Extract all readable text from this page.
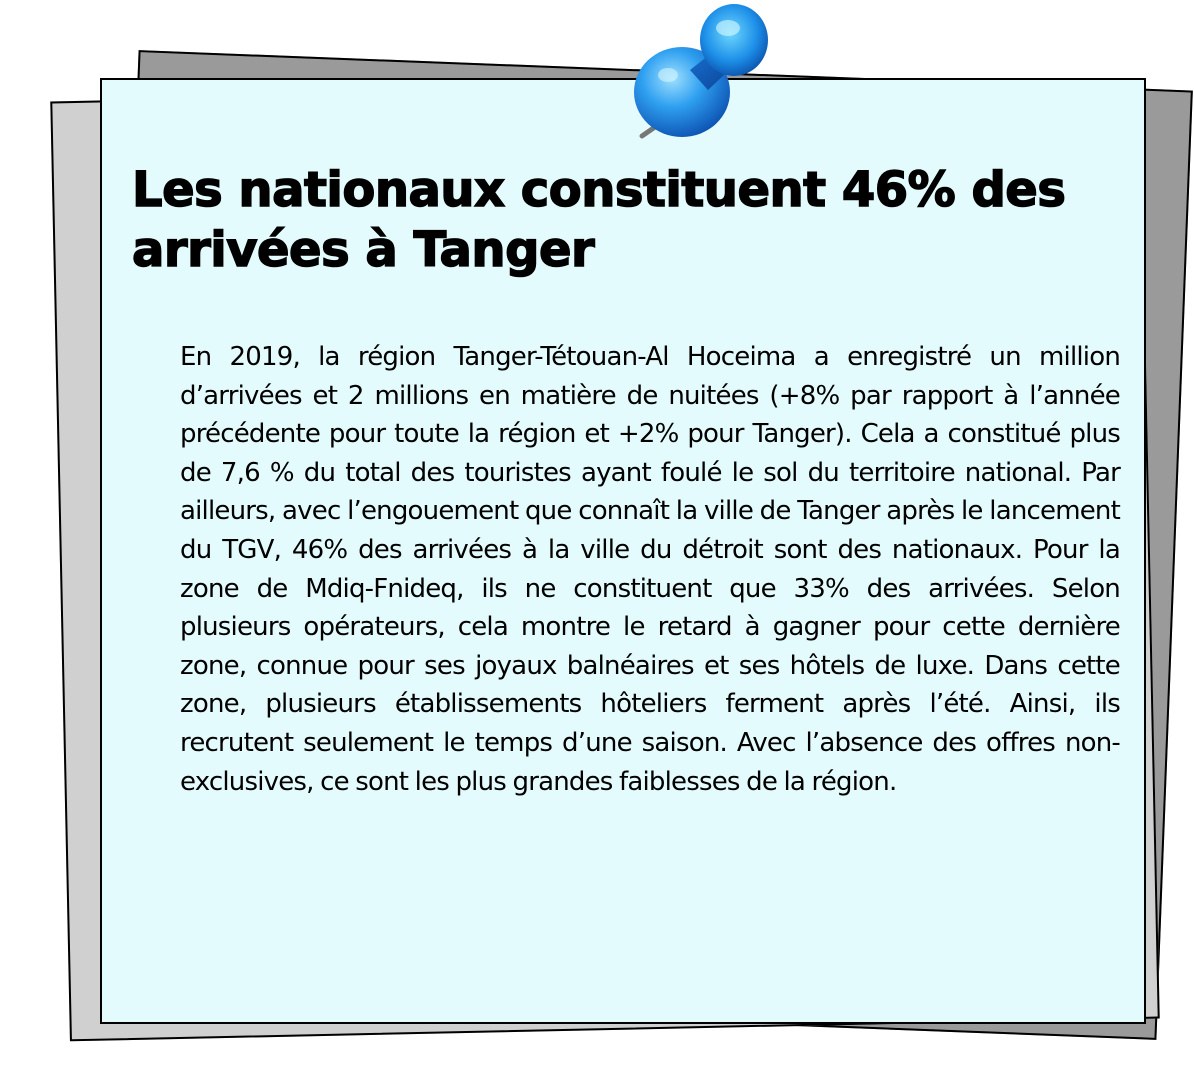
Les nationaux constituent 46% des arrivées à Tanger

En 2019, la région Tanger-Tétouan-Al Hoceima a enregistré un million d’arrivées et 2 millions en matière de nuitées (+8% par rapport à l’année précédente pour toute la région et +2% pour Tanger). Cela a constitué plus de 7,6 % du total des touristes ayant foulé le sol du territoire national. Par ailleurs, avec l’engouement que connaît la ville de Tanger après le lancement du TGV, 46% des arrivées à la ville du détroit sont des nationaux. Pour la zone de Mdiq-Fnideq, ils ne constituent que 33% des arrivées. Selon plusieurs opérateurs, cela montre le retard à gagner pour cette dernière zone, connue pour ses joyaux balnéaires et ses hôtels de luxe. Dans cette zone, plusieurs établissements hôteliers ferment après l’été. Ainsi, ils recrutent seulement le temps d’une saison. Avec l’absence des offres non-exclusives, ce sont les plus grandes faiblesses de la région.
